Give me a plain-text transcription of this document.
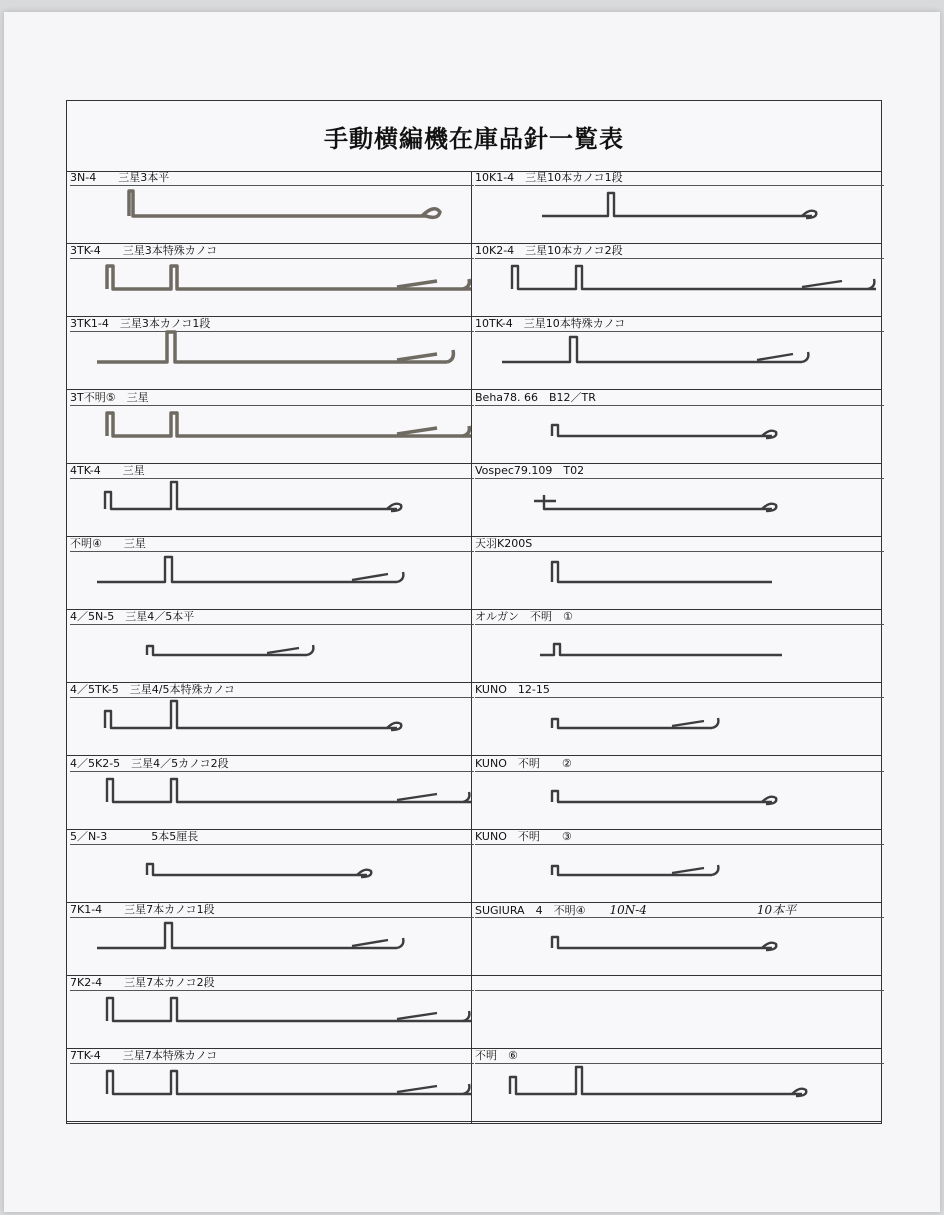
手動横編機在庫品針一覧表
3N-4　　三星3本平
3TK-4　　三星3本特殊カノコ
3TK1-4　三星3本カノコ1段
3T不明⑤　三星
4TK-4　　三星
不明④　　三星
4／5N-5　三星4／5本平
4／5TK-5　三星4/5本特殊カノコ
4／5K2-5　三星4／5カノコ2段
5／N-3　　　　5本5厘長
7K1-4　　三星7本カノコ1段
7K2-4　　三星7本カノコ2段
7TK-4　　三星7本特殊カノコ
10K1-4　三星10本カノコ1段
10K2-4　三星10本カノコ2段
10TK-4　三星10本特殊カノコ
Beha78. 66　B12／TR
Vospec79.109　T02
天羽K200S
オルガン　不明　①
KUNO　12-15
KUNO　不明　　②
KUNO　不明　　③
SUGIURA　4　不明④ 10N-4	10本平
不明　⑥
